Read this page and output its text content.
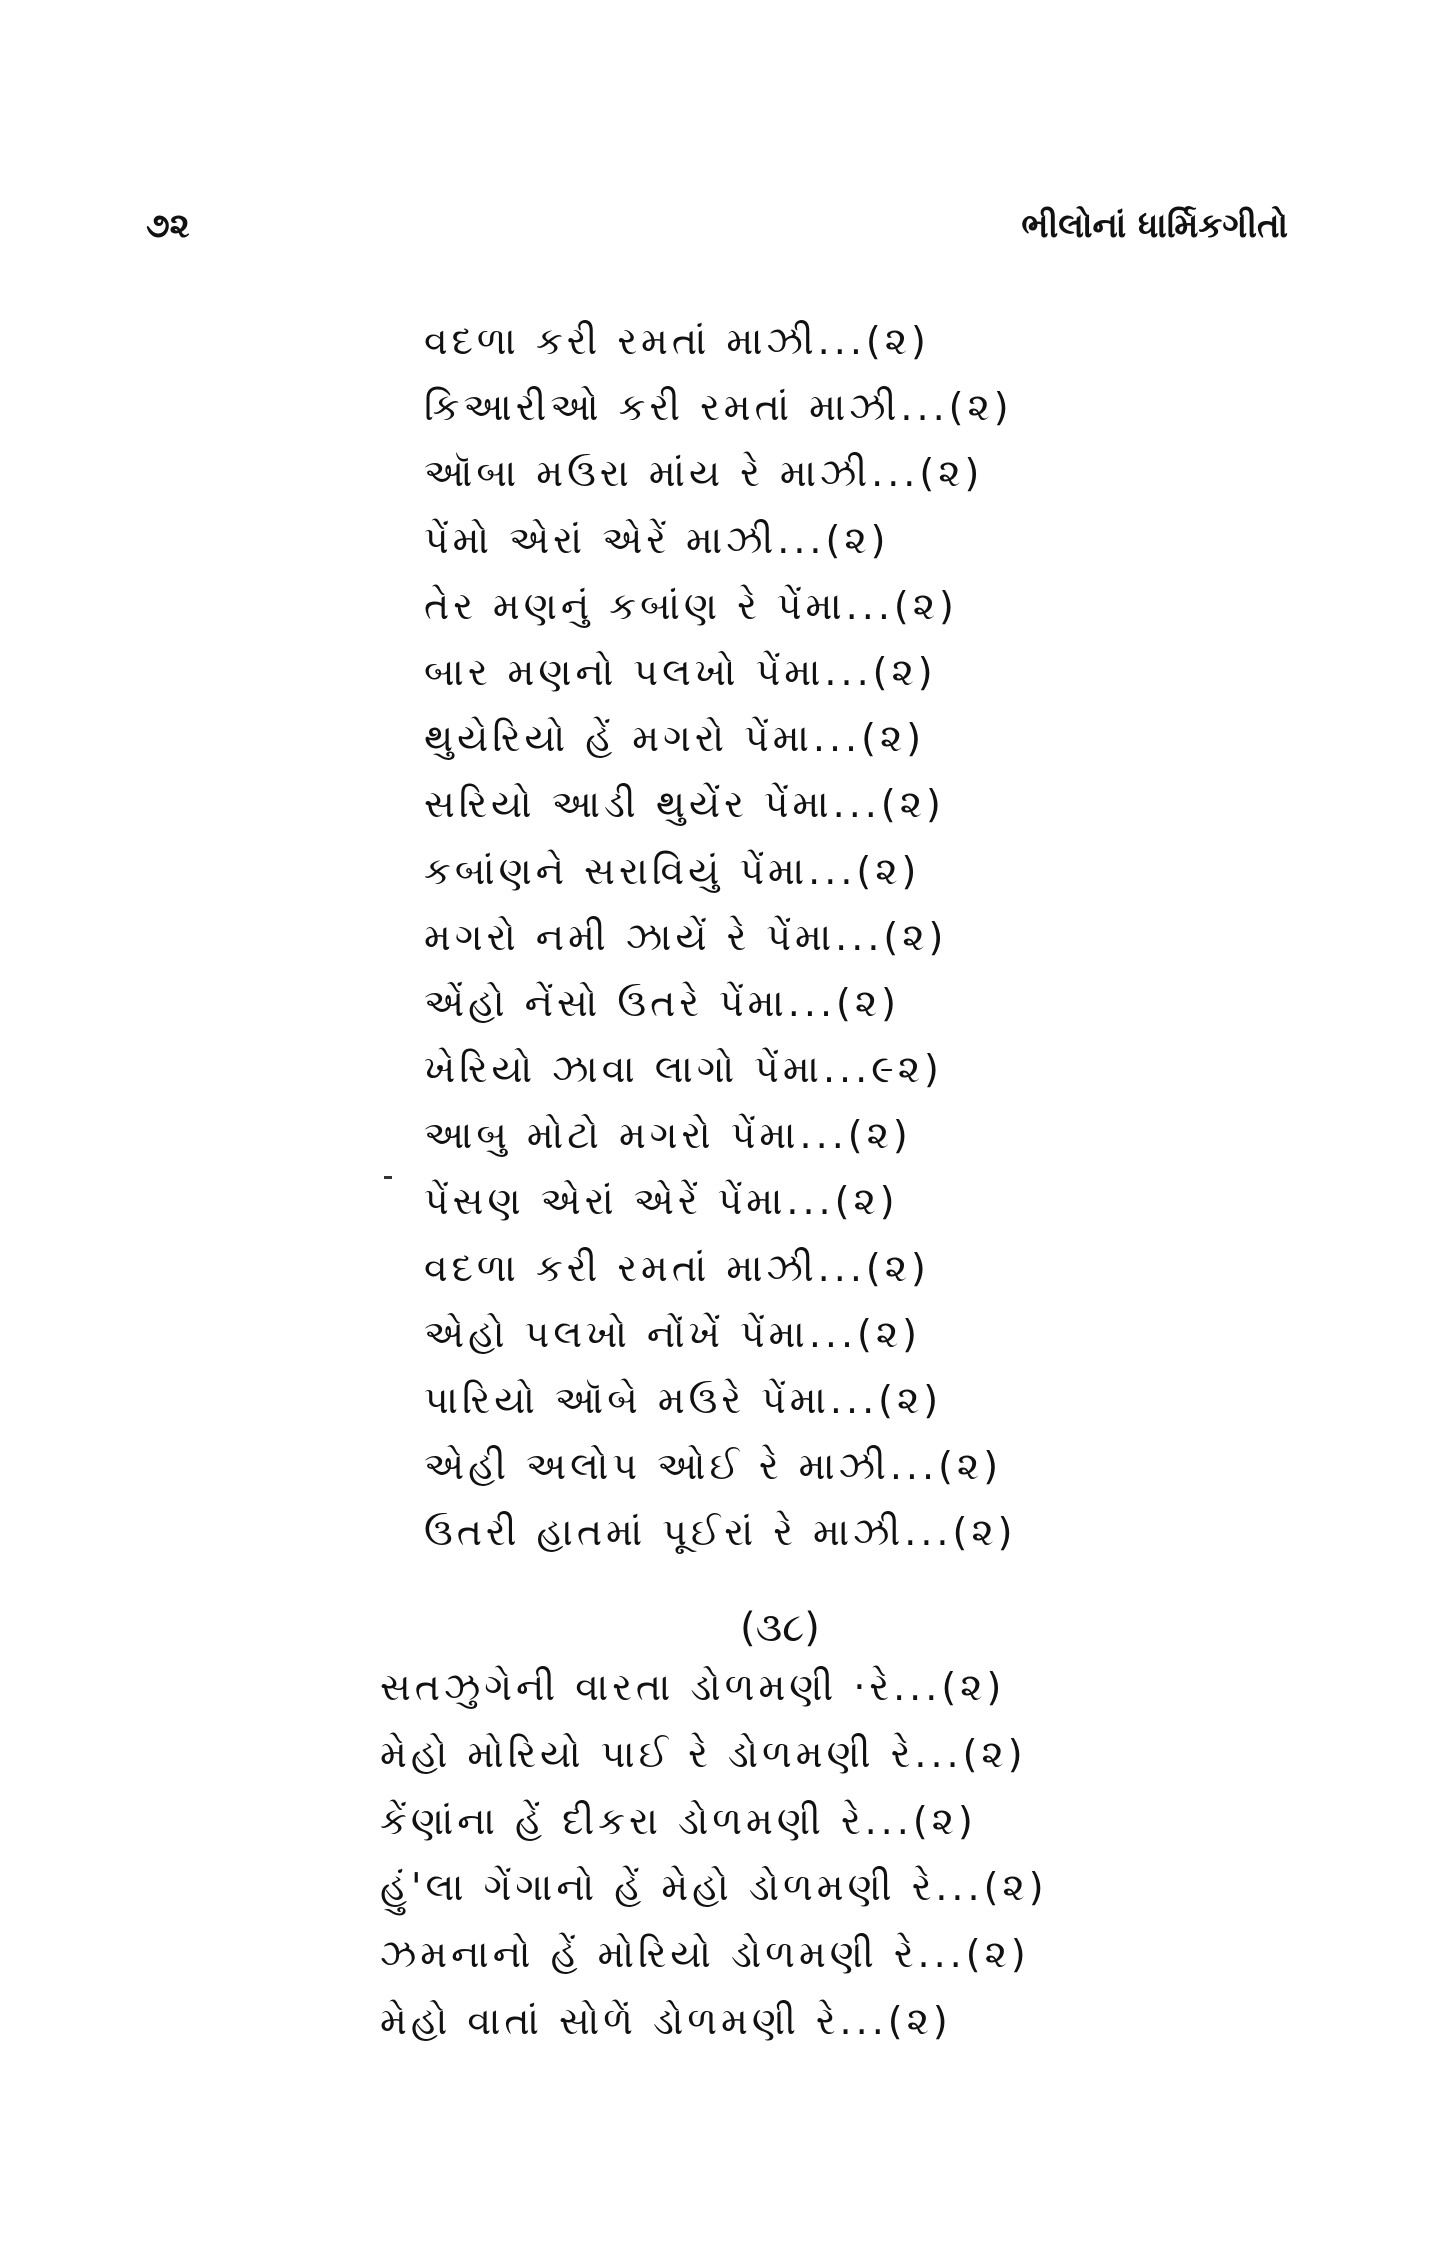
૭૨	ભીલોનાં ધાર્મિકગીતો
વદળા કરી રમતાં માઝી...(૨)
કિઆરીઓ કરી રમતાં માઝી...(૨)
ઑબા મઉરા માંય રે માઝી...(૨)
પેંમો એરાં એરેં માઝી...(૨)
તેર મણનું કબાંણ રે પેંમા...(૨)
બાર મણનો પલખો પેંમા...(૨)
થુયેરિયો હેં મગરો પેંમા...(૨)
સરિયો આડી થુયેંર પેંમા...(૨)
કબાંણને સરાવિયું પેંમા...(૨)
મગરો નમી ઝાયેં રે પેંમા...(૨)
એંહો નેંસો ઉતરે પેંમા...(૨)
ખેરિયો ઝાવા લાગો પેંમા...૯૨)
આબુ મોટો મગરો પેંમા...(૨)
પેંસણ એરાં એરેં પેંમા...(૨)
વદળા કરી રમતાં માઝી...(૨)
એહો પલખો નોંખેં પેંમા...(૨)
પારિયો ઑબે મઉરે પેંમા...(૨)
એહી અલોપ ઓઈ રે માઝી...(૨)
ઉતરી હાતમાં પૂઈરાં રે માઝી...(૨)
(૩૮)
સતઝુગેની વારતા ડોળમણી ·રે...(૨)
મેહો મોરિયો પાઈ રે ડોળમણી રે...(૨)
કેંણાંના હેં દીકરા ડોળમણી રે...(૨)
હું'લા ગેંગાનો હેં મેહો ડોળમણી રે...(૨)
ઝમનાનો હેં મોરિયો ડોળમણી રે...(૨)
મેહો વાતાં સોળેં ડોળમણી રે...(૨)
